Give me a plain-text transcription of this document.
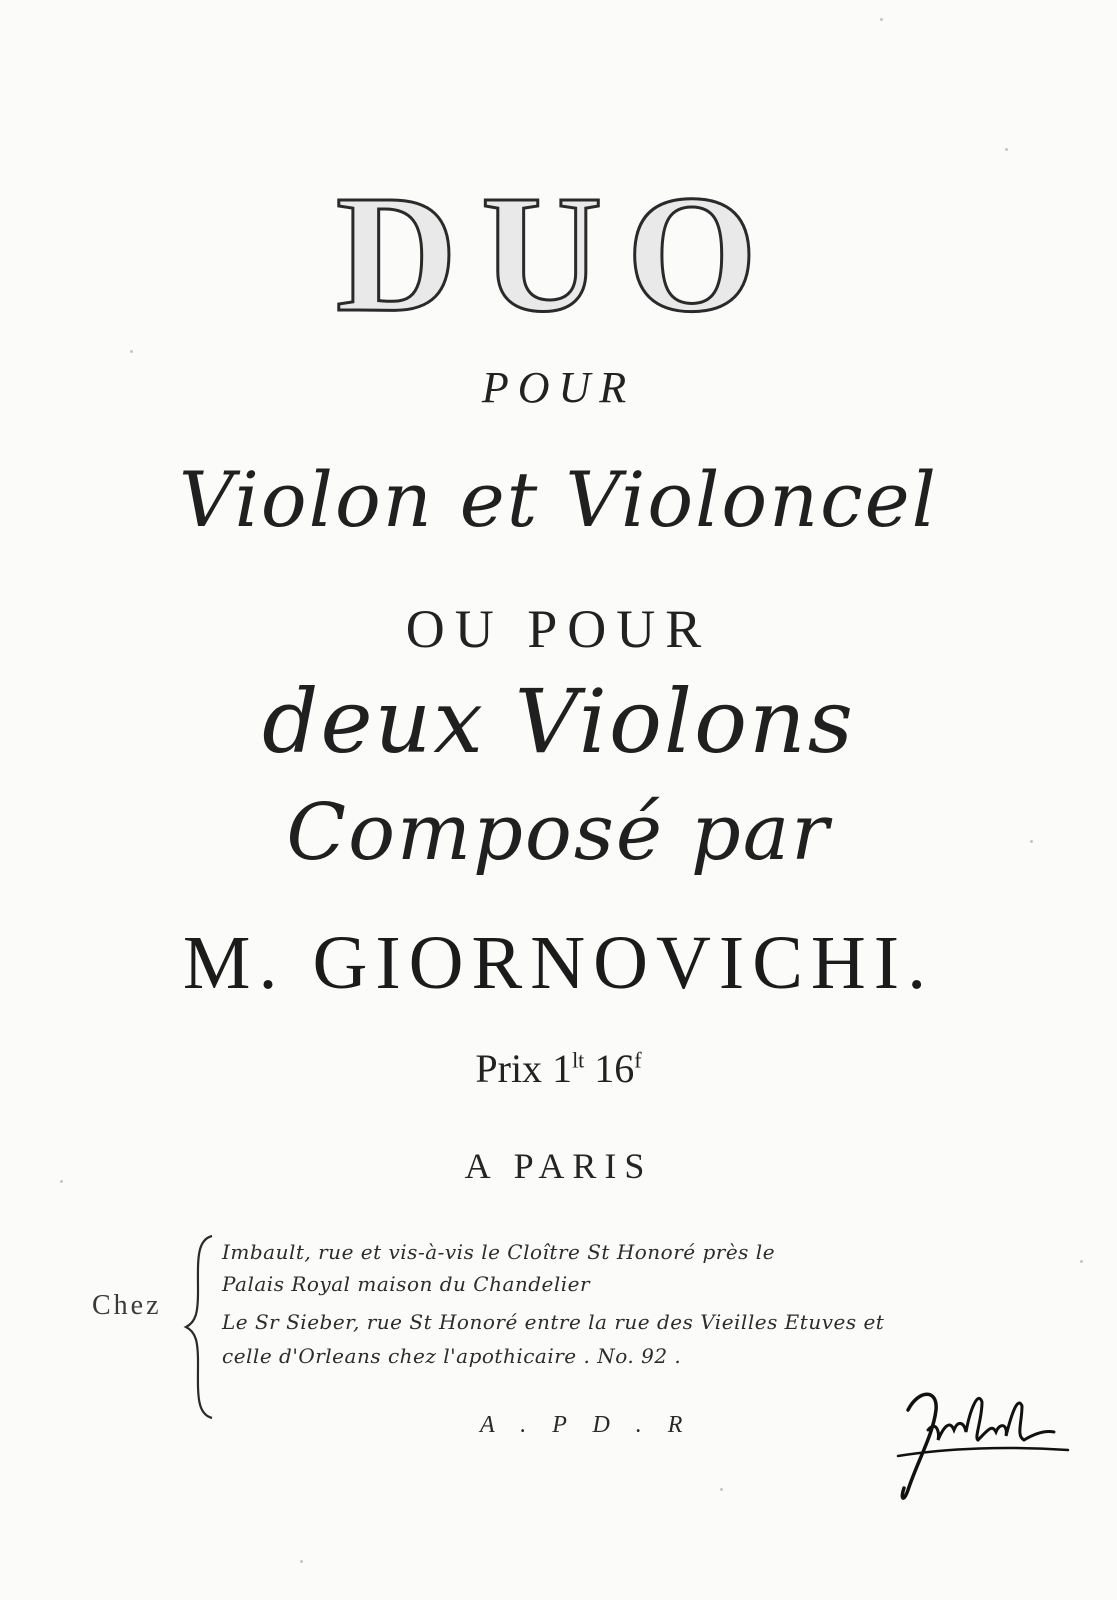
DUO
POUR
Violon et Violoncel
OU POUR
deux Violons
Composé par
M. GIORNOVICHI.
Prix $1^{lt}$ 16$^f$
A PARIS
Chez
Imbault, rue et vis-à-vis le Cloître St Honoré près le
Palais Royal maison du Chandelier
Le Sr Sieber, rue St Honoré entre la rue des Vieilles Etuves et
celle d'Orleans chez l'apothicaire . No. 92 .
A . P D . R
